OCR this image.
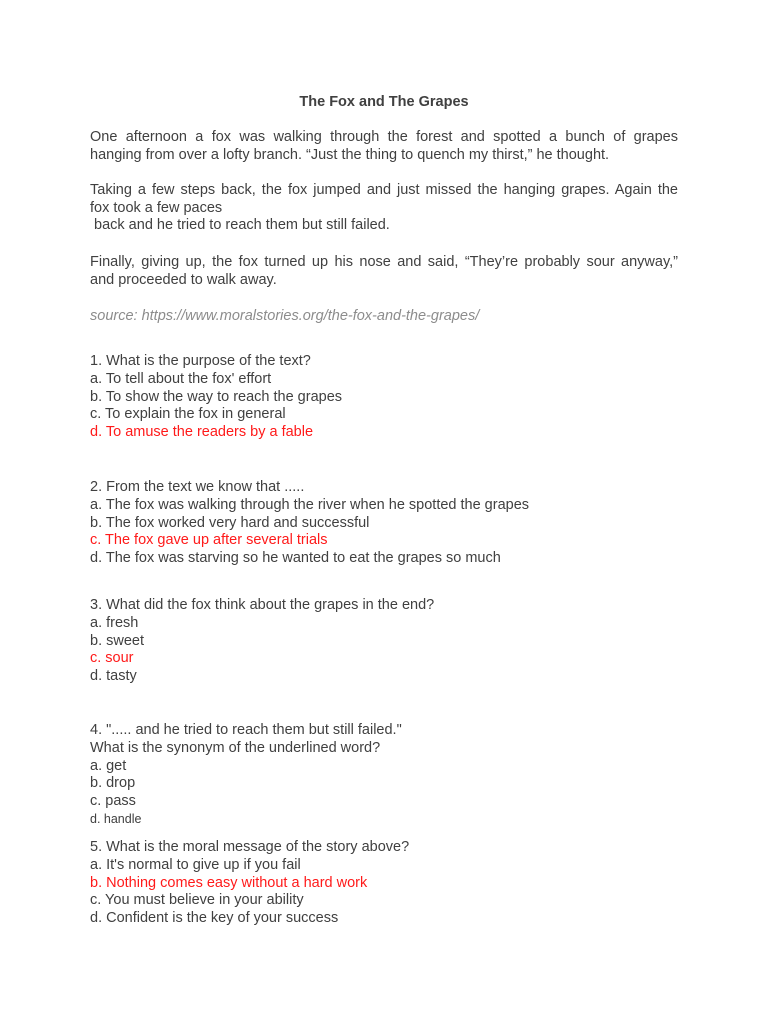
The Fox and The Grapes
One afternoon a fox was walking through the forest and spotted a bunch of grapes
hanging from over a lofty branch. “Just the thing to quench my thirst,” he thought.
Taking a few steps back, the fox jumped and just missed the hanging grapes. Again the
fox took a few paces
back and he tried to reach them but still failed.
Finally, giving up, the fox turned up his nose and said, “They’re probably sour anyway,”
and proceeded to walk away.
source: https://www.moralstories.org/the-fox-and-the-grapes/
1. What is the purpose of the text?
a. To tell about the fox' effort
b. To show the way to reach the grapes
c. To explain the fox in general
d. To amuse the readers by a fable
2. From the text we know that .....
a. The fox was walking through the river when he spotted the grapes
b. The fox worked very hard and successful
c. The fox gave up after several trials
d. The fox was starving so he wanted to eat the grapes so much
3. What did the fox think about the grapes in the end?
a. fresh
b. sweet
c. sour
d. tasty
4. "..... and he tried to reach them but still failed."
What is the synonym of the underlined word?
a. get
b. drop
c. pass
d. handle
5. What is the moral message of the story above?
a. It's normal to give up if you fail
b. Nothing comes easy without a hard work
c. You must believe in your ability
d. Confident is the key of your success
